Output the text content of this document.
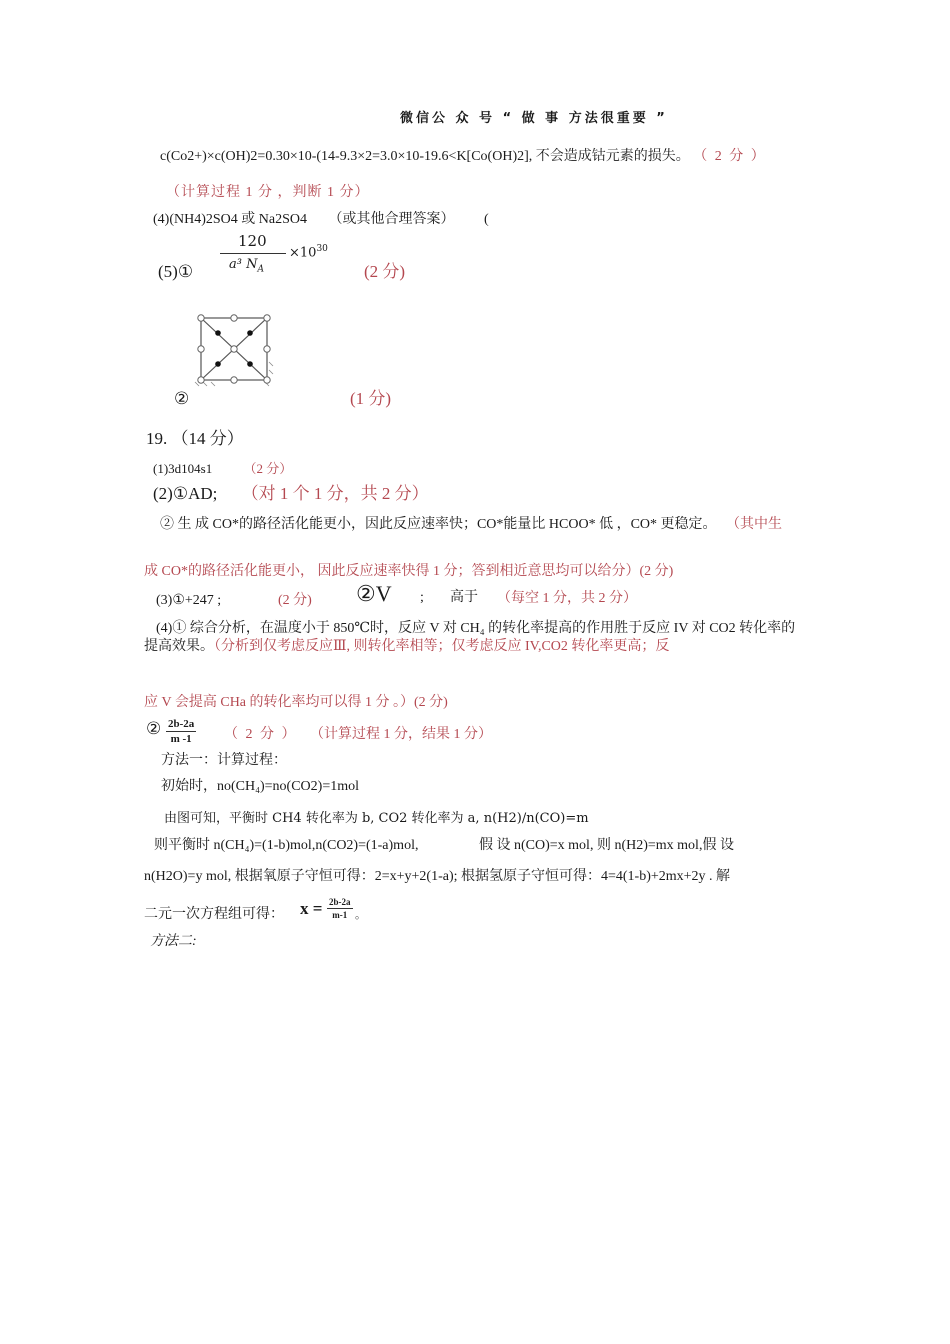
微信公 众 号 “ 做 事 方法很重要 ”
c(Co2+)×c(OH)2=0.30×10-(14-9.3×2=3.0×10-19.6<K[Co(OH)2], 不会造成钴元素的损失。 （ 2 分 ）
（计算过程 1 分 ，判断 1 分）
(4)(NH4)2SO4 或 Na2SO4 （或其他合理答案） (
(5)①
120
a³ $N_A$
$\times 10^{30}$
(2 分)
②	(1 分)
19. （14 分）
(1)3d104s1 （2 分）
(2)①AD; （对 1 个 1 分，共 2 分）
② 生 成 CO*的路径活化能更小，因此反应速率快；CO*能量比 HCOO* 低 ，CO* 更稳定。 （其中生
成 CO*的路径活化能更小， 因此反应速率快得 1 分；答到相近意思均可以给分）(2 分)
(3)①+247 ;	(2 分) ②V ; 高于 （每空 1 分，共 2 分）
(4)① 综合分析，在温度小于 850℃时，反应 V 对 CH₄ 的转化率提高的作用胜于反应 IV 对 CO2 转化率的提高效果。（分析到仅考虑反应Ⅲ, 则转化率相等；仅考虑反应 IV,CO2 转化率更高；反
应 V 会提高 CHa 的转化率均可以得 1 分 。）(2 分)
② $\frac{2b-2a}{m -1}$ （ 2 分 ） （计算过程 1 分，结果 1 分）
方法一：计算过程：
初始时，no(CH₄)=no(CO2)=1mol
由图可知，平衡时 CH4 转化率为 b, CO2 转化率为 a, n(H2)/n(CO)=m
则平衡时 n(CH₄)=(1-b)mol,n(CO2)=(1-a)mol,	假 设 n(CO)=x mol, 则 n(H2)=mx mol,假 设
n(H2O)=y mol, 根据氧原子守恒可得：2=x+y+2(1-a); 根据氢原子守恒可得：4=4(1-b)+2mx+2y . 解
二元一次方程组可得： $x = \frac{2b-2a}{m-1}$ 。
方法二:
